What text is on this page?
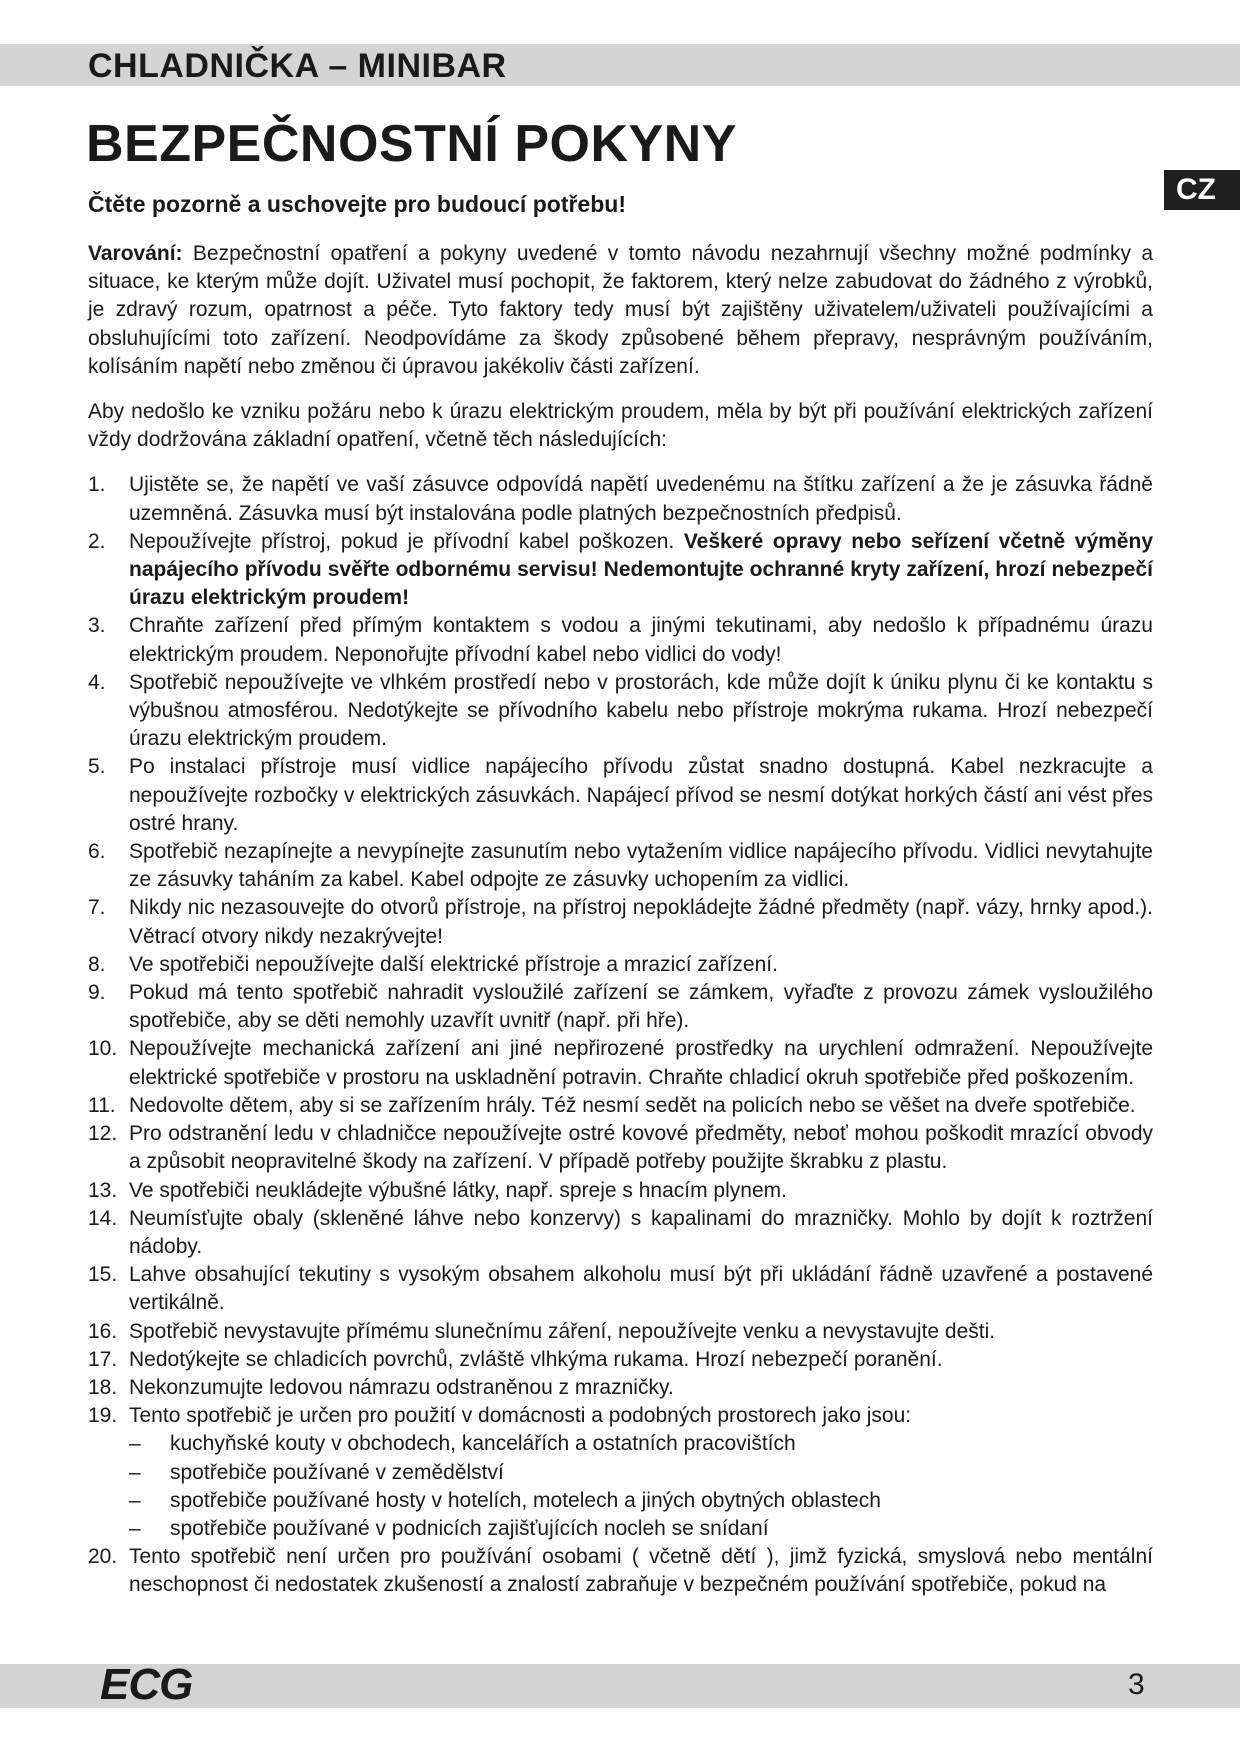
CHLADNIČKA – MINIBAR
CZ
BEZPEČNOSTNÍ POKYNY
Čtěte pozorně a uschovejte pro budoucí potřebu!

Varování: Bezpečnostní opatření a pokyny uvedené v tomto návodu nezahrnují všechny možné podmínky a situace, ke kterým může dojít. Uživatel musí pochopit, že faktorem, který nelze zabudovat do žádného z výrobků, je zdravý rozum, opatrnost a péče. Tyto faktory tedy musí být zajištěny uživatelem/uživateli používajícími a obsluhujícími toto zařízení. Neodpovídáme za škody způsobené během přepravy, nesprávným používáním, kolísáním napětí nebo změnou či úpravou jakékoliv části zařízení.

Aby nedošlo ke vzniku požáru nebo k úrazu elektrickým proudem, měla by být při používání elektrických zařízení vždy dodržována základní opatření, včetně těch následujících:

1. Ujistěte se, že napětí ve vaší zásuvce odpovídá napětí uvedenému na štítku zařízení a že je zásuvka řádně uzemněná. Zásuvka musí být instalována podle platných bezpečnostních předpisů.
2. Nepoužívejte přístroj, pokud je přívodní kabel poškozen. Veškeré opravy nebo seřízení včetně výměny napájecího přívodu svěřte odbornému servisu! Nedemontujte ochranné kryty zařízení, hrozí nebezpečí úrazu elektrickým proudem!
3. Chraňte zařízení před přímým kontaktem s vodou a jinými tekutinami, aby nedošlo k případnému úrazu elektrickým proudem. Neponořujte přívodní kabel nebo vidlici do vody!
4. Spotřebič nepoužívejte ve vlhkém prostředí nebo v prostorách, kde může dojít k úniku plynu či ke kontaktu s výbušnou atmosférou. Nedotýkejte se přívodního kabelu nebo přístroje mokrýma rukama. Hrozí nebezpečí úrazu elektrickým proudem.
5. Po instalaci přístroje musí vidlice napájecího přívodu zůstat snadno dostupná. Kabel nezkracujte a nepoužívejte rozbočky v elektrických zásuvkách. Napájecí přívod se nesmí dotýkat horkých částí ani vést přes ostré hrany.
6. Spotřebič nezapínejte a nevypínejte zasunutím nebo vytažením vidlice napájecího přívodu. Vidlici nevytahujte ze zásuvky taháním za kabel. Kabel odpojte ze zásuvky uchopením za vidlici.
7. Nikdy nic nezasouvejte do otvorů přístroje, na přístroj nepokládejte žádné předměty (např. vázy, hrnky apod.). Větrací otvory nikdy nezakrývejte!
8. Ve spotřebiči nepoužívejte další elektrické přístroje a mrazicí zařízení.
9. Pokud má tento spotřebič nahradit vysloužilé zařízení se zámkem, vyřaďte z provozu zámek vysloužilého spotřebiče, aby se děti nemohly uzavřít uvnitř (např. při hře).
10. Nepoužívejte mechanická zařízení ani jiné nepřirozené prostředky na urychlení odmražení. Nepoužívejte elektrické spotřebiče v prostoru na uskladnění potravin. Chraňte chladicí okruh spotřebiče před poškozením.
11. Nedovolte dětem, aby si se zařízením hrály. Též nesmí sedět na policích nebo se věšet na dveře spotřebiče.
12. Pro odstranění ledu v chladničce nepoužívejte ostré kovové předměty, neboť mohou poškodit mrazící obvody a způsobit neopravitelné škody na zařízení. V případě potřeby použijte škrabku z plastu.
13. Ve spotřebiči neukládejte výbušné látky, např. spreje s hnacím plynem.
14. Neumísťujte obaly (skleněné láhve nebo konzervy) s kapalinami do mrazničky. Mohlo by dojít k roztržení nádoby.
15. Lahve obsahující tekutiny s vysokým obsahem alkoholu musí být při ukládání řádně uzavřené a postavené vertikálně.
16. Spotřebič nevystavujte přímému slunečnímu záření, nepoužívejte venku a nevystavujte dešti.
17. Nedotýkejte se chladicích povrchů, zvláště vlhkýma rukama. Hrozí nebezpečí poranění.
18. Nekonzumujte ledovou námrazu odstraněnou z mrazničky.
19. Tento spotřebič je určen pro použití v domácnosti a podobných prostorech jako jsou:
– kuchyňské kouty v obchodech, kancelářích a ostatních pracovištích
– spotřebiče používané v zemědělství
– spotřebiče používané hosty v hotelích, motelech a jiných obytných oblastech
– spotřebiče používané v podnicích zajišťujících nocleh se snídaní
20. Tento spotřebič není určen pro používání osobami ( včetně dětí ), jimž fyzická, smyslová nebo mentální neschopnost či nedostatek zkušeností a znalostí zabraňuje v bezpečném používání spotřebiče, pokud na
ECG	3
